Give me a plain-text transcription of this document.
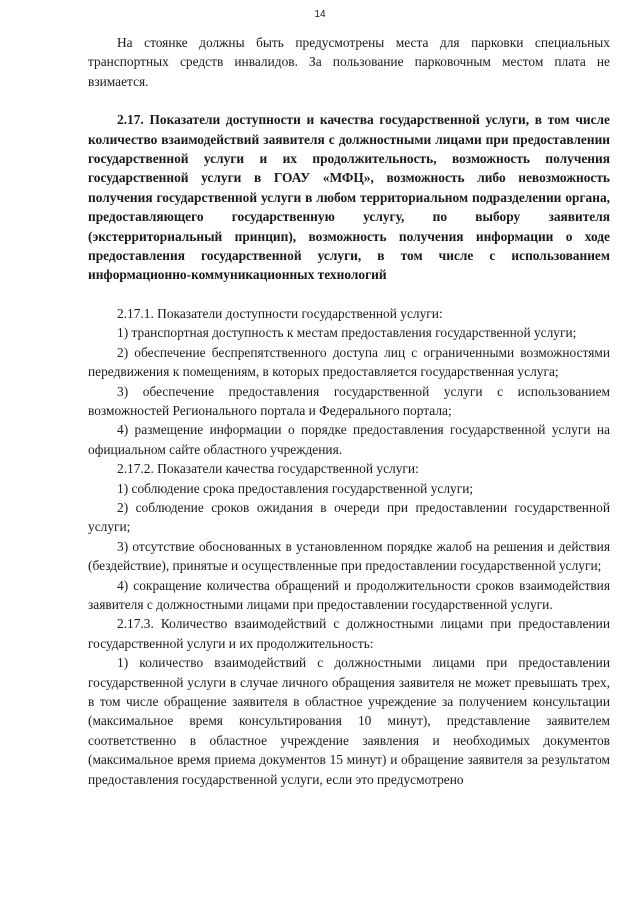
14

На стоянке должны быть предусмотрены места для парковки специальных транспортных средств инвалидов. За пользование парковочным местом плата не взимается.

2.17. Показатели доступности и качества государственной услуги, в том числе количество взаимодействий заявителя с должностными лицами при предоставлении государственной услуги и их продолжительность, возможность получения государственной услуги в ГОАУ «МФЦ», возможность либо невозможность получения государственной услуги в любом территориальном подразделении органа, предоставляющего государственную услугу, по выбору заявителя (экстерриториальный принцип), возможность получения информации о ходе предоставления государственной услуги, в том числе с использованием информационно-коммуникационных технологий

2.17.1. Показатели доступности государственной услуги:

1) транспортная доступность к местам предоставления государственной услуги;

2) обеспечение беспрепятственного доступа лиц с ограниченными возможностями передвижения к помещениям, в которых предоставляется государственная услуга;

3) обеспечение предоставления государственной услуги с использованием возможностей Регионального портала и Федерального портала;

4) размещение информации о порядке предоставления государственной услуги на официальном сайте областного учреждения.

2.17.2. Показатели качества государственной услуги:

1) соблюдение срока предоставления государственной услуги;

2) соблюдение сроков ожидания в очереди при предоставлении государственной услуги;

3) отсутствие обоснованных в установленном порядке жалоб на решения и действия (бездействие), принятые и осуществленные при предоставлении государственной услуги;

4) сокращение количества обращений и продолжительности сроков взаимодействия заявителя с должностными лицами при предоставлении государственной услуги.

2.17.3. Количество взаимодействий с должностными лицами при предоставлении государственной услуги и их продолжительность:

1) количество взаимодействий с должностными лицами при предоставлении государственной услуги в случае личного обращения заявителя не может превышать трех, в том числе обращение заявителя в областное учреждение за получением консультации (максимальное время консультирования 10 минут), представление заявителем соответственно в областное учреждение заявления и необходимых документов (максимальное время приема документов 15 минут) и обращение заявителя за результатом предоставления государственной услуги, если это предусмотрено
